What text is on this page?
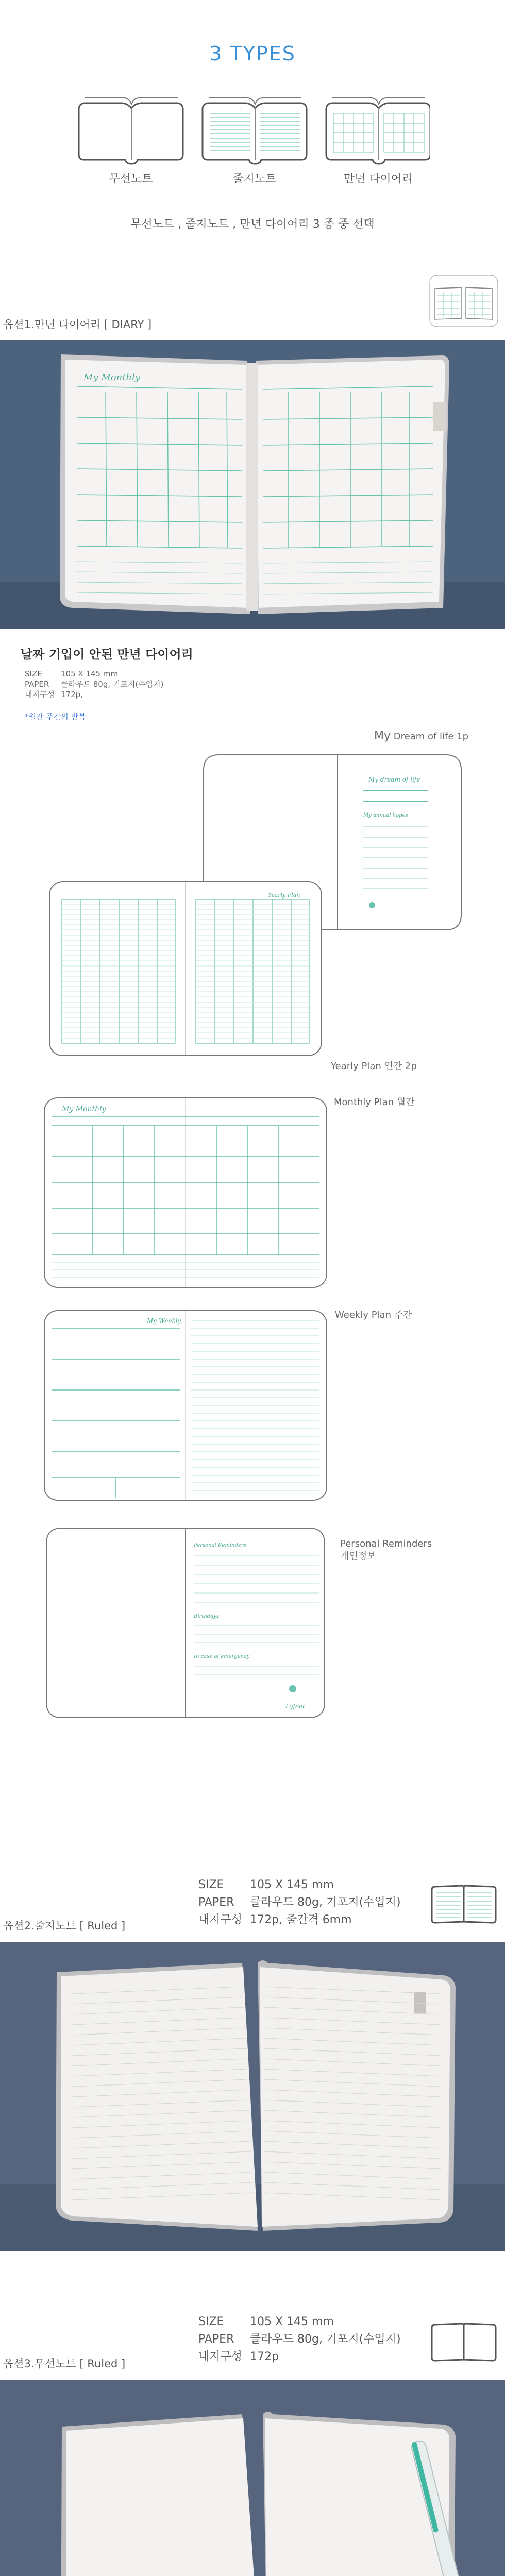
3 TYPES
무선노트	줄지노트	만년 다이어리
무선노트 , 줄지노트 , 만년 다이어리 3 종 중 선택
옵션1.만년 다이어리 [ DIARY ]
My Monthly
날짜 기입이 안된 만년 다이어리
SIZE 105 X 145 mm
PAPER 클라우드 80g, 기포지(수입지)
내지구성 172p,
*월간 주간의 반복
My Dream of life 1p
My dream of life
My annual hopes
Yearly Plan
Yearly Plan 연간 2p
Monthly Plan 월간
My Monthly
Weekly Plan 주간
My Weekly
Personal Reminders 개인정보
Personal Reminders
Birthdays
In case of emergency
Lyfeet
SIZE 105 X 145 mm
PAPER 클라우드 80g, 기포지(수입지)
내지구성 172p, 줄간격 6mm
옵션2.줄지노트 [ Ruled ]
SIZE 105 X 145 mm
PAPER 클라우드 80g, 기포지(수입지)
내지구성 172p
옵션3.무선노트 [ Ruled ]
